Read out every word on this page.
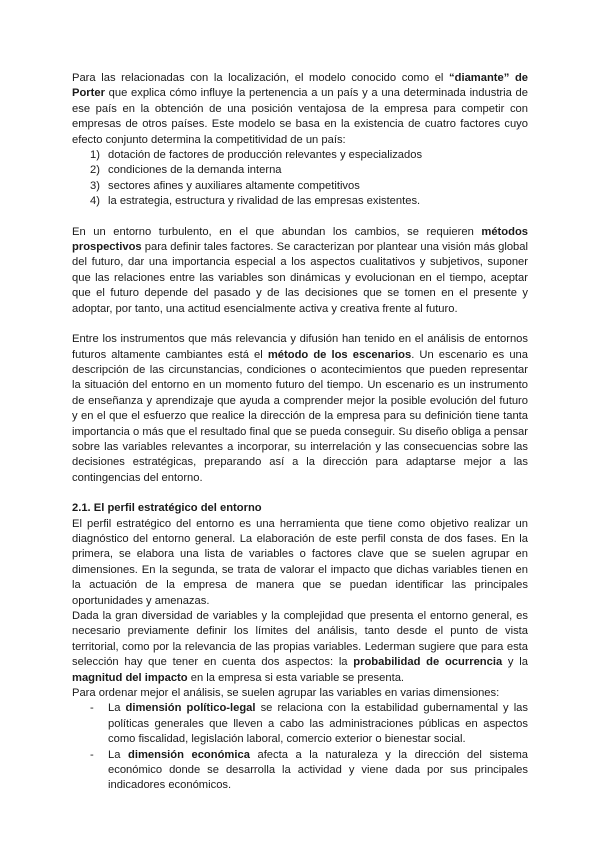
Para las relacionadas con la localización, el modelo conocido como el “diamante” de Porter que explica cómo influye la pertenencia a un país y a una determinada industria de ese país en la obtención de una posición ventajosa de la empresa para competir con empresas de otros países. Este modelo se basa en la existencia de cuatro factores cuyo efecto conjunto determina la competitividad de un país:

1) dotación de factores de producción relevantes y especializados
2) condiciones de la demanda interna
3) sectores afines y auxiliares altamente competitivos
4) la estrategia, estructura y rivalidad de las empresas existentes.

En un entorno turbulento, en el que abundan los cambios, se requieren métodos prospectivos para definir tales factores. Se caracterizan por plantear una visión más global del futuro, dar una importancia especial a los aspectos cualitativos y subjetivos, suponer que las relaciones entre las variables son dinámicas y evolucionan en el tiempo, aceptar que el futuro depende del pasado y de las decisiones que se tomen en el presente y adoptar, por tanto, una actitud esencialmente activa y creativa frente al futuro.

Entre los instrumentos que más relevancia y difusión han tenido en el análisis de entornos futuros altamente cambiantes está el método de los escenarios. Un escenario es una descripción de las circunstancias, condiciones o acontecimientos que pueden representar la situación del entorno en un momento futuro del tiempo. Un escenario es un instrumento de enseñanza y aprendizaje que ayuda a comprender mejor la posible evolución del futuro y en el que el esfuerzo que realice la dirección de la empresa para su definición tiene tanta importancia o más que el resultado final que se pueda conseguir. Su diseño obliga a pensar sobre las variables relevantes a incorporar, su interrelación y las consecuencias sobre las decisiones estratégicas, preparando así a la dirección para adaptarse mejor a las contingencias del entorno.

2.1. El perfil estratégico del entorno

El perfil estratégico del entorno es una herramienta que tiene como objetivo realizar un diagnóstico del entorno general. La elaboración de este perfil consta de dos fases. En la primera, se elabora una lista de variables o factores clave que se suelen agrupar en dimensiones. En la segunda, se trata de valorar el impacto que dichas variables tienen en la actuación de la empresa de manera que se puedan identificar las principales oportunidades y amenazas.

Dada la gran diversidad de variables y la complejidad que presenta el entorno general, es necesario previamente definir los límites del análisis, tanto desde el punto de vista territorial, como por la relevancia de las propias variables. Lederman sugiere que para esta selección hay que tener en cuenta dos aspectos: la probabilidad de ocurrencia y la magnitud del impacto en la empresa si esta variable se presenta.

Para ordenar mejor el análisis, se suelen agrupar las variables en varias dimensiones:

- La dimensión político-legal se relaciona con la estabilidad gubernamental y las políticas generales que lleven a cabo las administraciones públicas en aspectos como fiscalidad, legislación laboral, comercio exterior o bienestar social.
- La dimensión económica afecta a la naturaleza y la dirección del sistema económico donde se desarrolla la actividad y viene dada por sus principales indicadores económicos.
